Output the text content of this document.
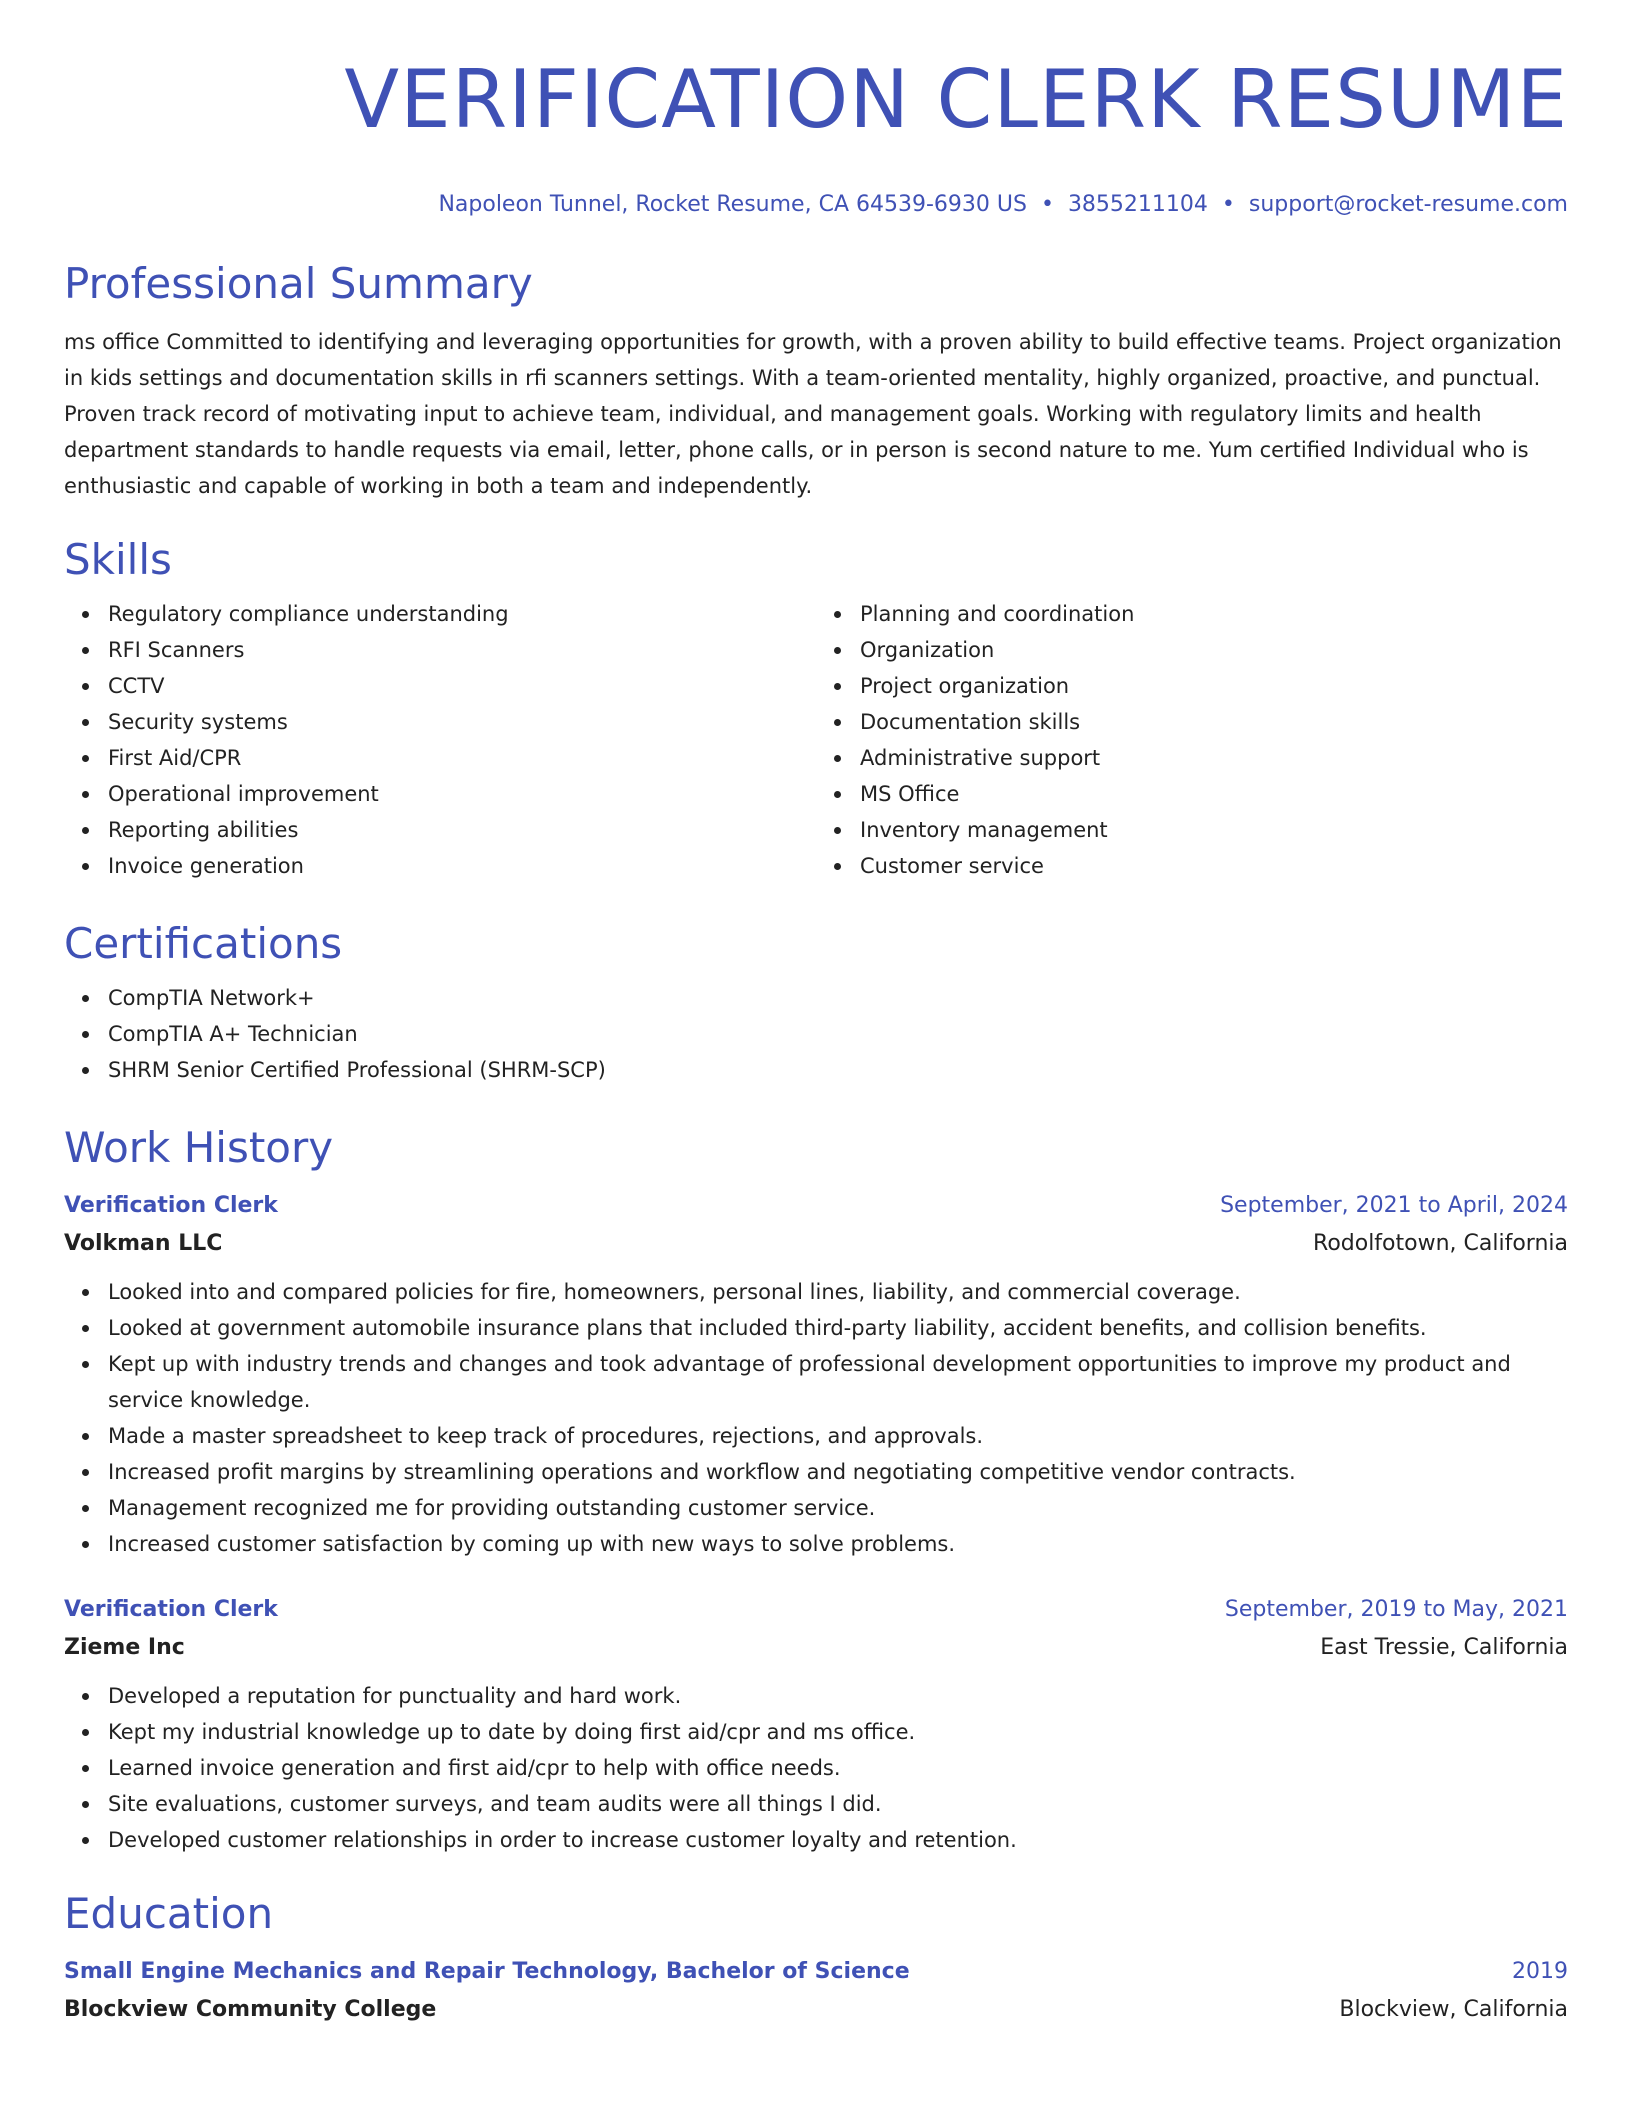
VERIFICATION CLERK RESUME
Napoleon Tunnel, Rocket Resume, CA 64539-6930 US • 3855211104 • support@rocket-resume.com
Professional Summary

ms office Committed to identifying and leveraging opportunities for growth, with a proven ability to build effective teams. Project organization in kids settings and documentation skills in rfi scanners settings. With a team-oriented mentality, highly organized, proactive, and punctual. Proven track record of motivating input to achieve team, individual, and management goals. Working with regulatory limits and health department standards to handle requests via email, letter, phone calls, or in person is second nature to me. Yum certified Individual who is enthusiastic and capable of working in both a team and independently.

Skills
Regulatory compliance understanding
RFI Scanners
CCTV
Security systems
First Aid/CPR
Operational improvement
Reporting abilities
Invoice generation
Planning and coordination
Organization
Project organization
Documentation skills
Administrative support
MS Office
Inventory management
Customer service
Certifications
CompTIA Network+
CompTIA A+ Technician
SHRM Senior Certified Professional (SHRM-SCP)
Work History
Verification Clerk	September, 2021 to April, 2024
Volkman LLC	Rodolfotown, California
Looked into and compared policies for fire, homeowners, personal lines, liability, and commercial coverage.
Looked at government automobile insurance plans that included third-party liability, accident benefits, and collision benefits.
Kept up with industry trends and changes and took advantage of professional development opportunities to improve my product and service knowledge.
Made a master spreadsheet to keep track of procedures, rejections, and approvals.
Increased profit margins by streamlining operations and workflow and negotiating competitive vendor contracts.
Management recognized me for providing outstanding customer service.
Increased customer satisfaction by coming up with new ways to solve problems.
Verification Clerk	September, 2019 to May, 2021
Zieme Inc	East Tressie, California
Developed a reputation for punctuality and hard work.
Kept my industrial knowledge up to date by doing first aid/cpr and ms office.
Learned invoice generation and first aid/cpr to help with office needs.
Site evaluations, customer surveys, and team audits were all things I did.
Developed customer relationships in order to increase customer loyalty and retention.
Education
Small Engine Mechanics and Repair Technology, Bachelor of Science	2019
Blockview Community College	Blockview, California
